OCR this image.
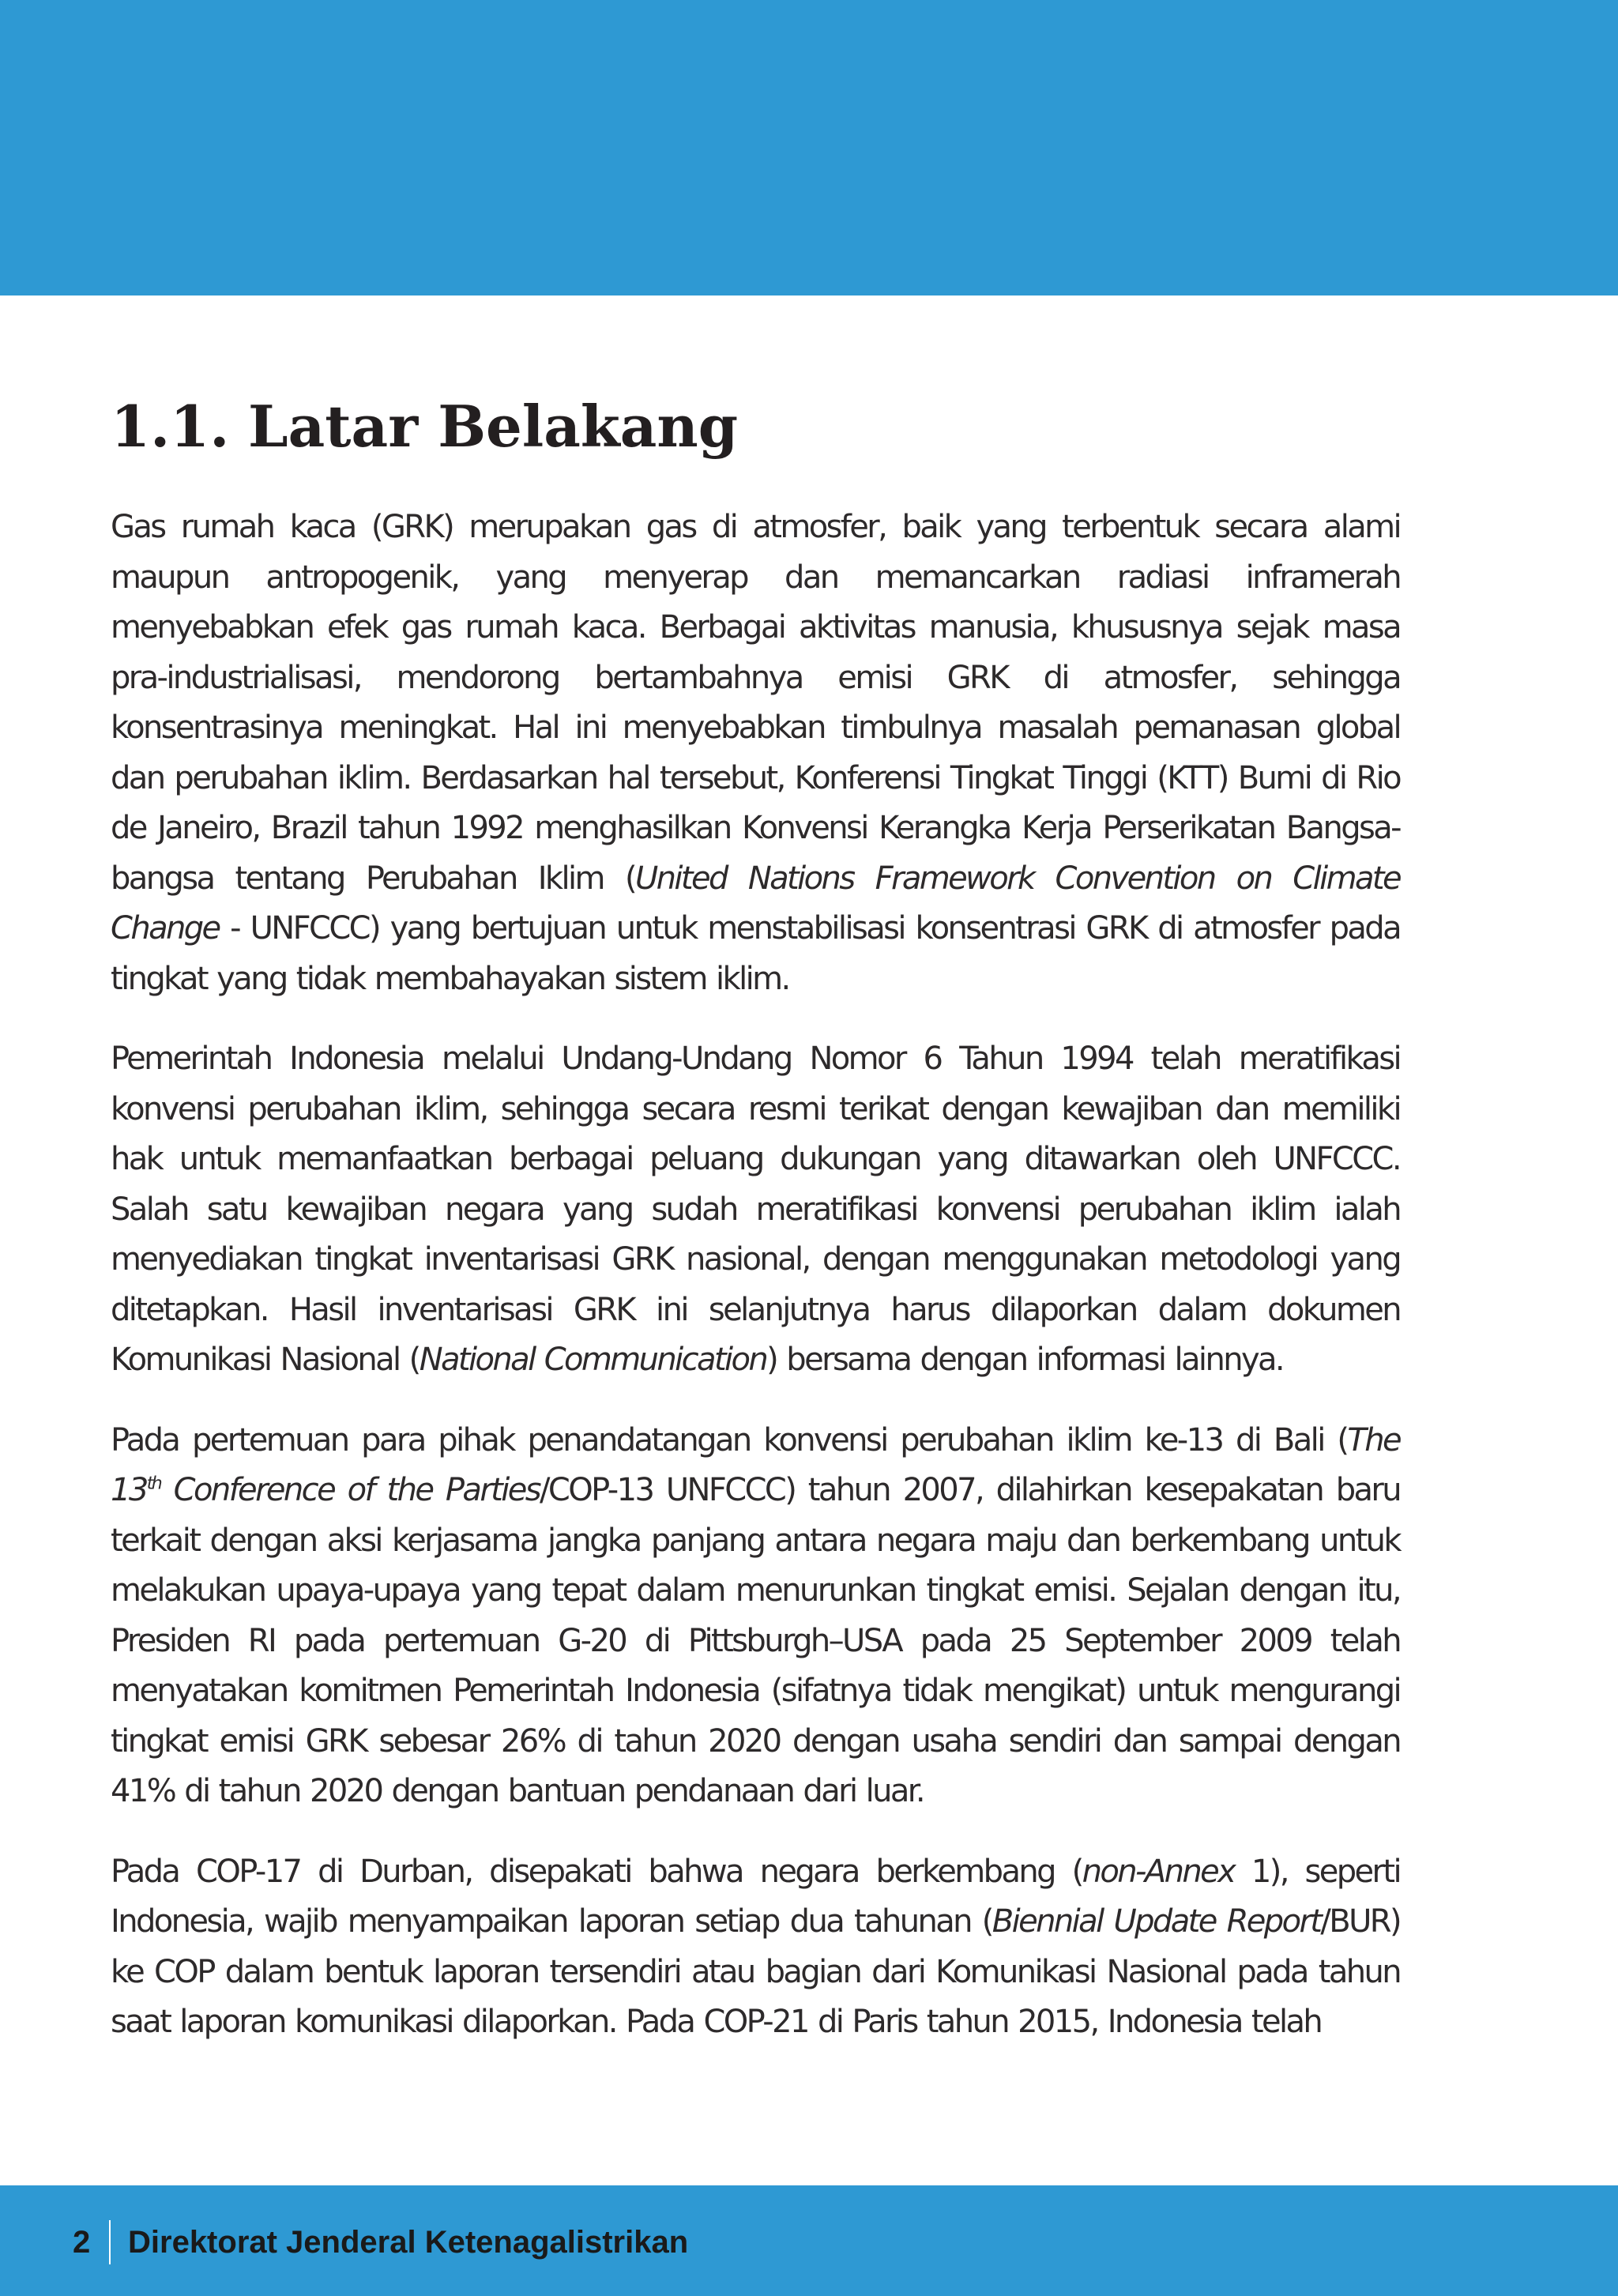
1.1. Latar Belakang

Gas rumah kaca (GRK) merupakan gas di atmosfer, baik yang terbentuk secara alami maupun antropogenik, yang menyerap dan memancarkan radiasi inframerah menyebabkan efek gas rumah kaca. Berbagai aktivitas manusia, khususnya sejak masa pra-industrialisasi, mendorong bertambahnya emisi GRK di atmosfer, sehingga konsentrasinya meningkat. Hal ini menyebabkan timbulnya masalah pemanasan global dan perubahan iklim. Berdasarkan hal tersebut, Konferensi Tingkat Tinggi (KTT) Bumi di Rio de Janeiro, Brazil tahun 1992 menghasilkan Konvensi Kerangka Kerja Perserikatan Bangsa-bangsa tentang Perubahan Iklim (United Nations Framework Convention on Climate Change - UNFCCC) yang bertujuan untuk menstabilisasi konsentrasi GRK di atmosfer pada tingkat yang tidak membahayakan sistem iklim.

Pemerintah Indonesia melalui Undang-Undang Nomor 6 Tahun 1994 telah meratifikasi konvensi perubahan iklim, sehingga secara resmi terikat dengan kewajiban dan memiliki hak untuk memanfaatkan berbagai peluang dukungan yang ditawarkan oleh UNFCCC. Salah satu kewajiban negara yang sudah meratifikasi konvensi perubahan iklim ialah menyediakan tingkat inventarisasi GRK nasional, dengan menggunakan metodologi yang ditetapkan. Hasil inventarisasi GRK ini selanjutnya harus dilaporkan dalam dokumen Komunikasi Nasional (National Communication) bersama dengan informasi lainnya.

Pada pertemuan para pihak penandatangan konvensi perubahan iklim ke-13 di Bali (The 13th Conference of the Parties/COP-13 UNFCCC) tahun 2007, dilahirkan kesepakatan baru terkait dengan aksi kerjasama jangka panjang antara negara maju dan berkembang untuk melakukan upaya-upaya yang tepat dalam menurunkan tingkat emisi. Sejalan dengan itu, Presiden RI pada pertemuan G-20 di Pittsburgh–USA pada 25 September 2009 telah menyatakan komitmen Pemerintah Indonesia (sifatnya tidak mengikat) untuk mengurangi tingkat emisi GRK sebesar 26% di tahun 2020 dengan usaha sendiri dan sampai dengan 41% di tahun 2020 dengan bantuan pendanaan dari luar.

Pada COP-17 di Durban, disepakati bahwa negara berkembang (non-Annex 1), seperti Indonesia, wajib menyampaikan laporan setiap dua tahunan (Biennial Update Report/BUR) ke COP dalam bentuk laporan tersendiri atau bagian dari Komunikasi Nasional pada tahun saat laporan komunikasi dilaporkan. Pada COP-21 di Paris tahun 2015, Indonesia telah

2 Direktorat Jenderal Ketenagalistrikan
